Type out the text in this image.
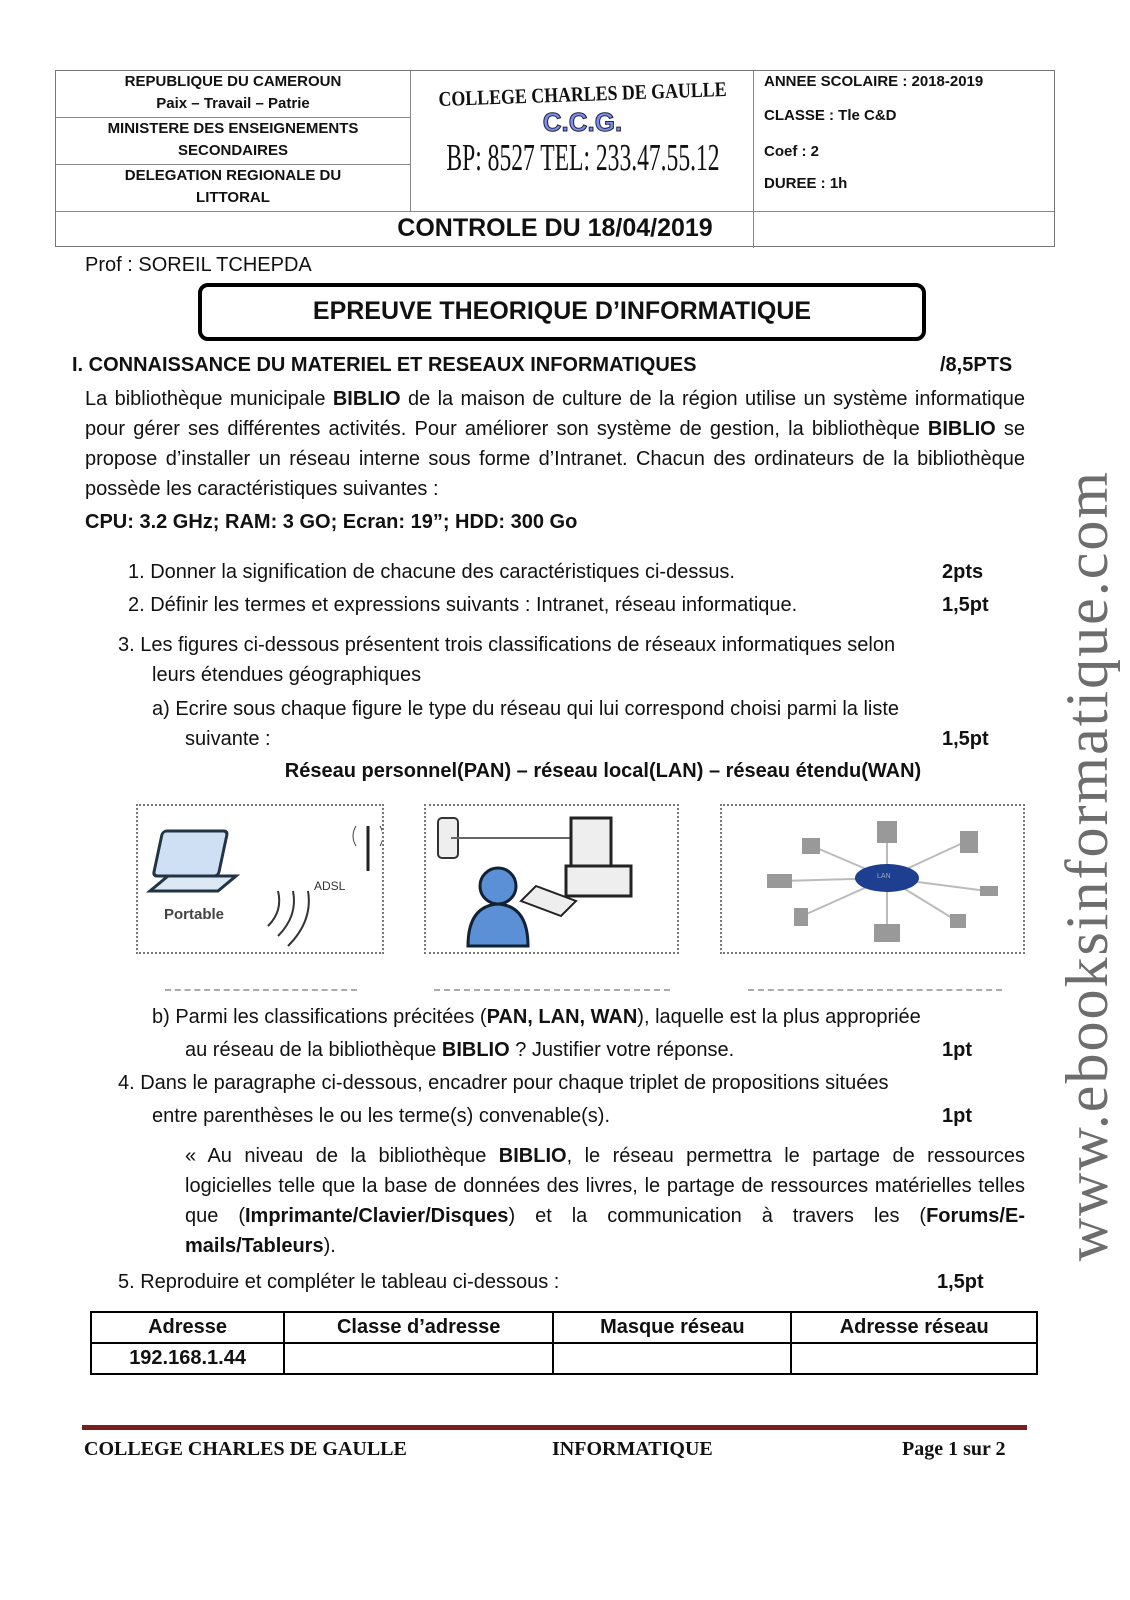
REPUBLIQUE DU CAMEROUN
Paix – Travail – Patrie
MINISTERE DES ENSEIGNEMENTS
SECONDAIRES
DELEGATION REGIONALE DU
LITTORAL
COLLEGE CHARLES DE GAULLE
C.C.G.
BP: 8527 TEL: 233.47.55.12
ANNEE SCOLAIRE : 2018-2019
CLASSE : Tle C&D
Coef : 2
DUREE : 1h
CONTROLE DU 18/04/2019
Prof : SOREIL TCHEPDA
EPREUVE THEORIQUE D’INFORMATIQUE
I. CONNAISSANCE DU MATERIEL ET RESEAUX INFORMATIQUES	/8,5PTS
La bibliothèque municipale BIBLIO de la maison de culture de la région utilise un système informatique pour gérer ses différentes activités. Pour améliorer son système de gestion, la bibliothèque BIBLIO se propose d’installer un réseau interne sous forme d’Intranet. Chacun des ordinateurs de la bibliothèque possède les caractéristiques suivantes :
CPU: 3.2 GHz; RAM: 3 GO; Ecran: 19”; HDD: 300 Go
1. Donner la signification de chacune des caractéristiques ci-dessus.	2pts
2. Définir les termes et expressions suivants : Intranet, réseau informatique.	1,5pt
3. Les figures ci-dessous présentent trois classifications de réseaux informatiques selon
leurs étendues géographiques
a) Ecrire sous chaque figure le type du réseau qui lui correspond choisi parmi la liste
suivante :	1,5pt
Réseau personnel(PAN) – réseau local(LAN) – réseau étendu(WAN)
Portable
ADSL
LAN
b) Parmi les classifications précitées (PAN, LAN, WAN), laquelle est la plus appropriée
au réseau de la bibliothèque BIBLIO ? Justifier votre réponse.	1pt
4. Dans le paragraphe ci-dessous, encadrer pour chaque triplet de propositions situées
entre parenthèses le ou les terme(s) convenable(s).	1pt
« Au niveau de la bibliothèque BIBLIO, le réseau permettra le partage de ressources logicielles telle que la base de données des livres, le partage de ressources matérielles telles que (Imprimante/Clavier/Disques) et la communication à travers les (Forums/E-mails/Tableurs).
5. Reproduire et compléter le tableau ci-dessous :	1,5pt
Adresse	Classe d’adresse	Masque réseau	Adresse réseau
192.168.1.44			
COLLEGE CHARLES DE GAULLE	INFORMATIQUE	Page 1 sur 2
www.ebooksinformatique.com
